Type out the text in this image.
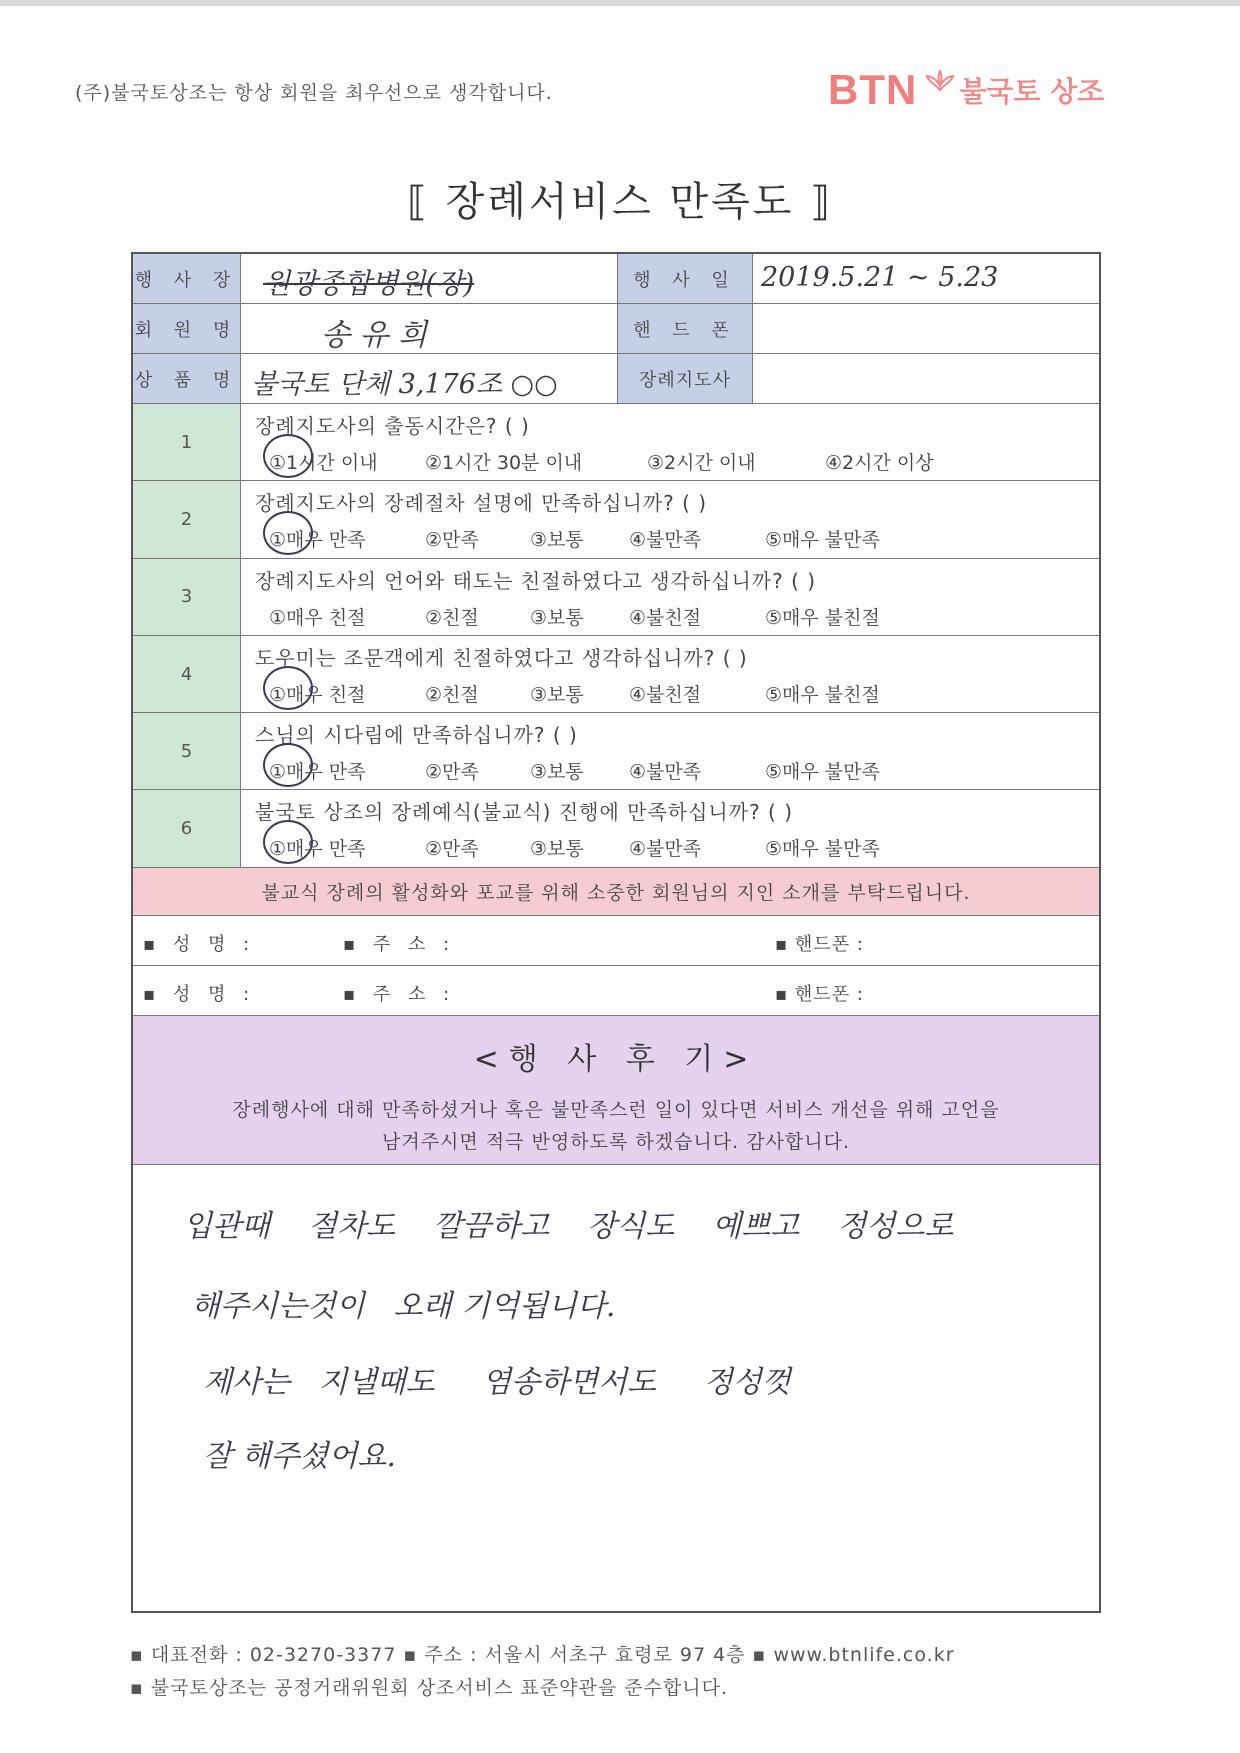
(주)불국토상조는 항상 회원을 최우선으로 생각합니다.	BTN 불국토 상조
⟦ 장례서비스 만족도 ⟧
행 사 장 원광종합병원(장)	행 사 일 2019.5.21 ~ 5.23
회 원 명	송 유 희	핸 드 폰
상 품 명 불국토 단체 3,176조 ○○	장례지도사
1
장례지도사의 출동시간은? ( )
①1시간 이내 ②1시간 30분 이내	③2시간 이내	④2시간 이상
2
장례지도사의 장례절차 설명에 만족하십니까? ( )
①매우 만족	②만족	③보통 ④불만족	⑤매우 불만족
3
장례지도사의 언어와 태도는 친절하였다고 생각하십니까? ( )
①매우 친절	②친절	③보통 ④불친절	⑤매우 불친절
4
도우미는 조문객에게 친절하였다고 생각하십니까? ( )
①매우 친절	②친절	③보통 ④불친절	⑤매우 불친절
5
스님의 시다림에 만족하십니까? ( )
①매우 만족	②만족	③보통 ④불만족	⑤매우 불만족
6
불국토 상조의 장례예식(불교식) 진행에 만족하십니까? ( )
①매우 만족	②만족	③보통 ④불만족	⑤매우 불만족
불교식 장례의 활성화와 포교를 위해 소중한 회원님의 지인 소개를 부탁드립니다.
▪ 성 명 :	▪ 주 소 :	▪ 핸드폰 :
▪ 성 명 :	▪ 주 소 :	▪ 핸드폰 :
<행 사 후 기>
장례행사에 대해 만족하셨거나 혹은 불만족스런 일이 있다면 서비스 개선을 위해 고언을
남겨주시면 적극 반영하도록 하겠습니다. 감사합니다.
입관때    절차도    깔끔하고    장식도    예쁘고    정성으로
해주시는것이   오래 기억됩니다.
제사는   지낼때도     염송하면서도     정성껏
잘 해주셨어요.
▪ 대표전화 : 02-3270-3377 ▪ 주소 : 서울시 서초구 효령로 97 4층 ▪ www.btnlife.co.kr
▪ 불국토상조는 공정거래위원회 상조서비스 표준약관을 준수합니다.
